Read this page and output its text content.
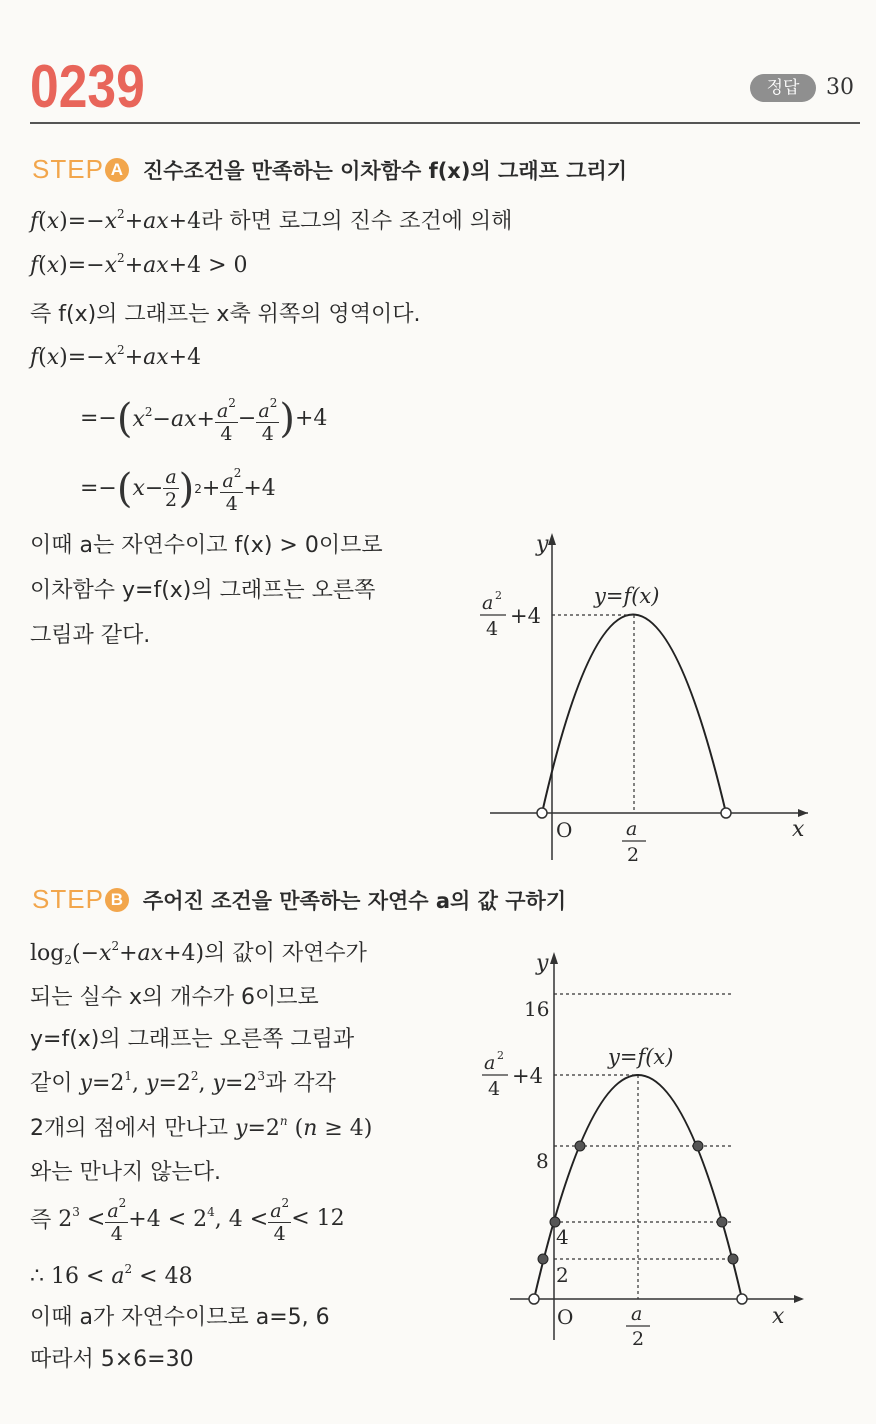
0239	정답	30
STEP A 진수조건을 만족하는 이차함수 f(x)의 그래프 그리기
$f(x)=-x^2+ax+4$라 하면 로그의 진수 조건에 의해
$f(x)=-x^2+ax+4 > 0$
즉 f(x)의 그래프는 x축 위쪽의 영역이다.
$f(x)=-x^2+ax+4$
=− ( $x^2-ax+ \frac{a^2}{4} - \frac{a^2}{4}$ ) +4
=− ( $x- \frac{a}{2}$ ) $2 + \frac{a^2}{4} +4$
이때 a는 자연수이고 f(x) > 0이므로
이차함수 y=f(x)의 그래프는 오른쪽
그림과 같다.
y
x
O
y=f(x)
a 2
4
+4
a
2
STEP B 주어진 조건을 만족하는 자연수 a의 값 구하기
$\log_2(-x^2+ax+4)$의 값이 자연수가
되는 실수 x의 개수가 6이므로
y=f(x)의 그래프는 오른쪽 그림과
같이 $y=2^1$, $y=2^2$, $y=2^3$과 각각
2개의 점에서 만나고 $y=2^n$ (n ≥ 4)
와는 만나지 않는다.
즉 $2^3 < \frac{a^2}{4} +4 < 2^4$, $4 < \frac{a^2}{4} < 12$
∴ $16 < a^2 < 48$
이때 a가 자연수이므로 a=5, 6
따라서 5×6=30
y
x
O
16
8
4
2
y=f(x)
a 2
4
+4
a
2
